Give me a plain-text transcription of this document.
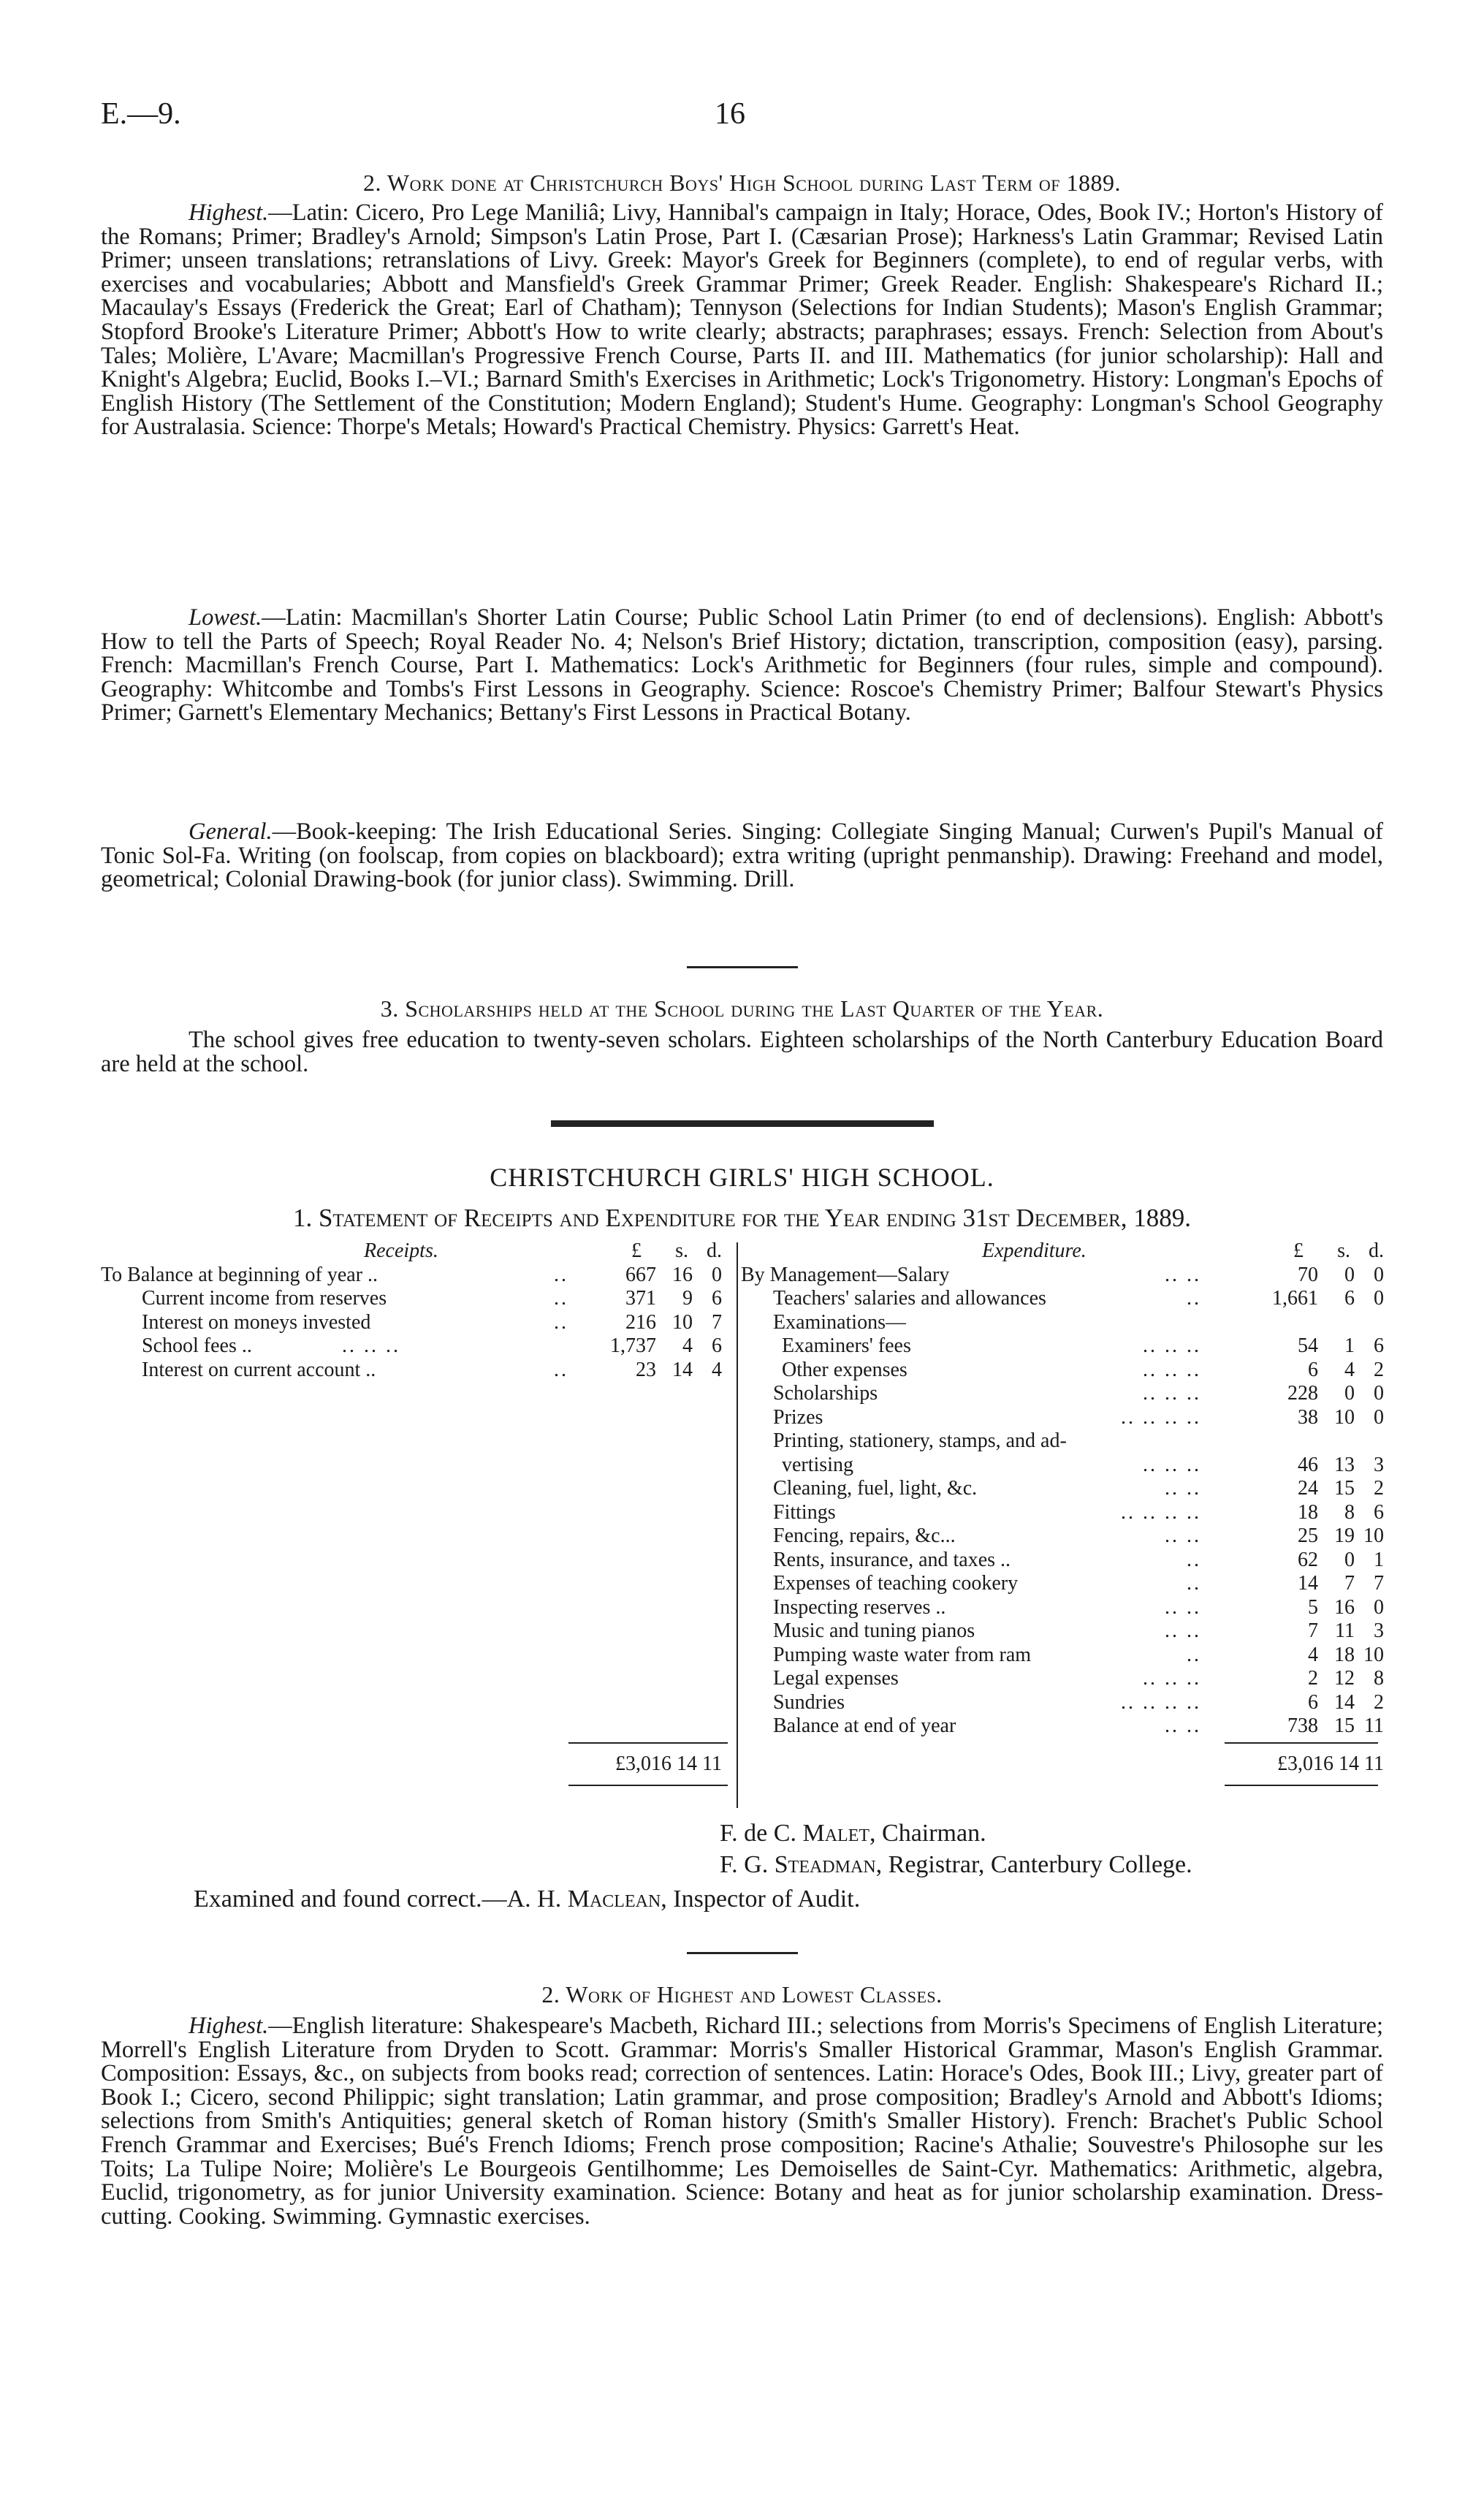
E.—9.	16
2. Work done at Christchurch Boys' High School during Last Term of 1889.

Highest.—Latin: Cicero, Pro Lege Maniliâ; Livy, Hannibal's campaign in Italy; Horace, Odes, Book IV.; Horton's History of the Romans; Primer; Bradley's Arnold; Simpson's Latin Prose, Part I. (Cæsarian Prose); Harkness's Latin Grammar; Revised Latin Primer; unseen translations; retranslations of Livy. Greek: Mayor's Greek for Beginners (complete), to end of regular verbs, with exercises and vocabularies; Abbott and Mansfield's Greek Grammar Primer; Greek Reader. English: Shakespeare's Richard II.; Macaulay's Essays (Frederick the Great; Earl of Chatham); Tennyson (Selections for Indian Students); Mason's English Grammar; Stopford Brooke's Literature Primer; Abbott's How to write clearly; abstracts; paraphrases; essays. French: Selection from About's Tales; Molière, L'Avare; Macmillan's Progressive French Course, Parts II. and III. Mathematics (for junior scholarship): Hall and Knight's Algebra; Euclid, Books I.–VI.; Barnard Smith's Exercises in Arithmetic; Lock's Trigonometry. History: Longman's Epochs of English History (The Settlement of the Constitution; Modern England); Student's Hume. Geography: Longman's School Geography for Australasia. Science: Thorpe's Metals; Howard's Practical Chemistry. Physics: Garrett's Heat.

Lowest.—Latin: Macmillan's Shorter Latin Course; Public School Latin Primer (to end of declensions). English: Abbott's How to tell the Parts of Speech; Royal Reader No. 4; Nelson's Brief History; dictation, transcription, composition (easy), parsing. French: Macmillan's French Course, Part I. Mathematics: Lock's Arithmetic for Beginners (four rules, simple and compound). Geography: Whitcombe and Tombs's First Lessons in Geography. Science: Roscoe's Chemistry Primer; Balfour Stewart's Physics Primer; Garnett's Elementary Mechanics; Bettany's First Lessons in Practical Botany.

General.—Book-keeping: The Irish Educational Series. Singing: Collegiate Singing Manual; Curwen's Pupil's Manual of Tonic Sol-Fa. Writing (on foolscap, from copies on blackboard); extra writing (upright penmanship). Drawing: Freehand and model, geometrical; Colonial Drawing-book (for junior class). Swimming. Drill.

3. Scholarships held at the School during the Last Quarter of the Year.

The school gives free education to twenty-seven scholars. Eighteen scholarships of the North Canterbury Education Board are held at the school.

CHRISTCHURCH GIRLS' HIGH SCHOOL.
1. Statement of Receipts and Expenditure for the Year ending 31st December, 1889.
Receipts.	£	s. d.
To Balance at beginning of year ..	..	667 16 0
Current income from reserves	..	371	9 6
Interest on moneys invested	..	216 10 7
School fees ..	.. .. ..	1,737	4 6
Interest on current account ..	..	23 14 4
£3,016 14 11
Expenditure.	£	s. d.
By Management—Salary	.. ..	70	0 0
Teachers' salaries and allowances	..	1,661	6 0
Examinations—
Examiners' fees	.. .. ..	54	1 6
Other expenses	.. .. ..	6	4 2
Scholarships	.. .. ..	228	0 0
Prizes	.. .. .. ..	38 10 0
Printing, stationery, stamps, and ad-
vertising	.. .. ..	46 13 3
Cleaning, fuel, light, &c.	.. ..	24 15 2
Fittings	.. .. .. ..	18	8 6
Fencing, repairs, &c...	.. ..	25 19 10
Rents, insurance, and taxes ..	..	62	0 1
Expenses of teaching cookery	..	14	7 7
Inspecting reserves ..	.. ..	5 16 0
Music and tuning pianos	.. ..	7 11 3
Pumping waste water from ram	..	4 18 10
Legal expenses	.. .. ..	2 12 8
Sundries	.. .. .. ..	6 14 2
Balance at end of year	.. ..	738 15 11
£3,016 14 11
F. de C. Malet, Chairman.
F. G. Steadman, Registrar, Canterbury College.
Examined and found correct.—A. H. Maclean, Inspector of Audit.
2. Work of Highest and Lowest Classes.

Highest.—English literature: Shakespeare's Macbeth, Richard III.; selections from Morris's Specimens of English Literature; Morrell's English Literature from Dryden to Scott. Grammar: Morris's Smaller Historical Grammar, Mason's English Grammar. Composition: Essays, &c., on subjects from books read; correction of sentences. Latin: Horace's Odes, Book III.; Livy, greater part of Book I.; Cicero, second Philippic; sight translation; Latin grammar, and prose composition; Bradley's Arnold and Abbott's Idioms; selections from Smith's Antiquities; general sketch of Roman history (Smith's Smaller History). French: Brachet's Public School French Grammar and Exercises; Bué's French Idioms; French prose composition; Racine's Athalie; Souvestre's Philosophe sur les Toits; La Tulipe Noire; Molière's Le Bourgeois Gentilhomme; Les Demoiselles de Saint-Cyr. Mathematics: Arithmetic, algebra, Euclid, trigonometry, as for junior University examination. Science: Botany and heat as for junior scholarship examination. Dress-cutting. Cooking. Swimming. Gymnastic exercises.
